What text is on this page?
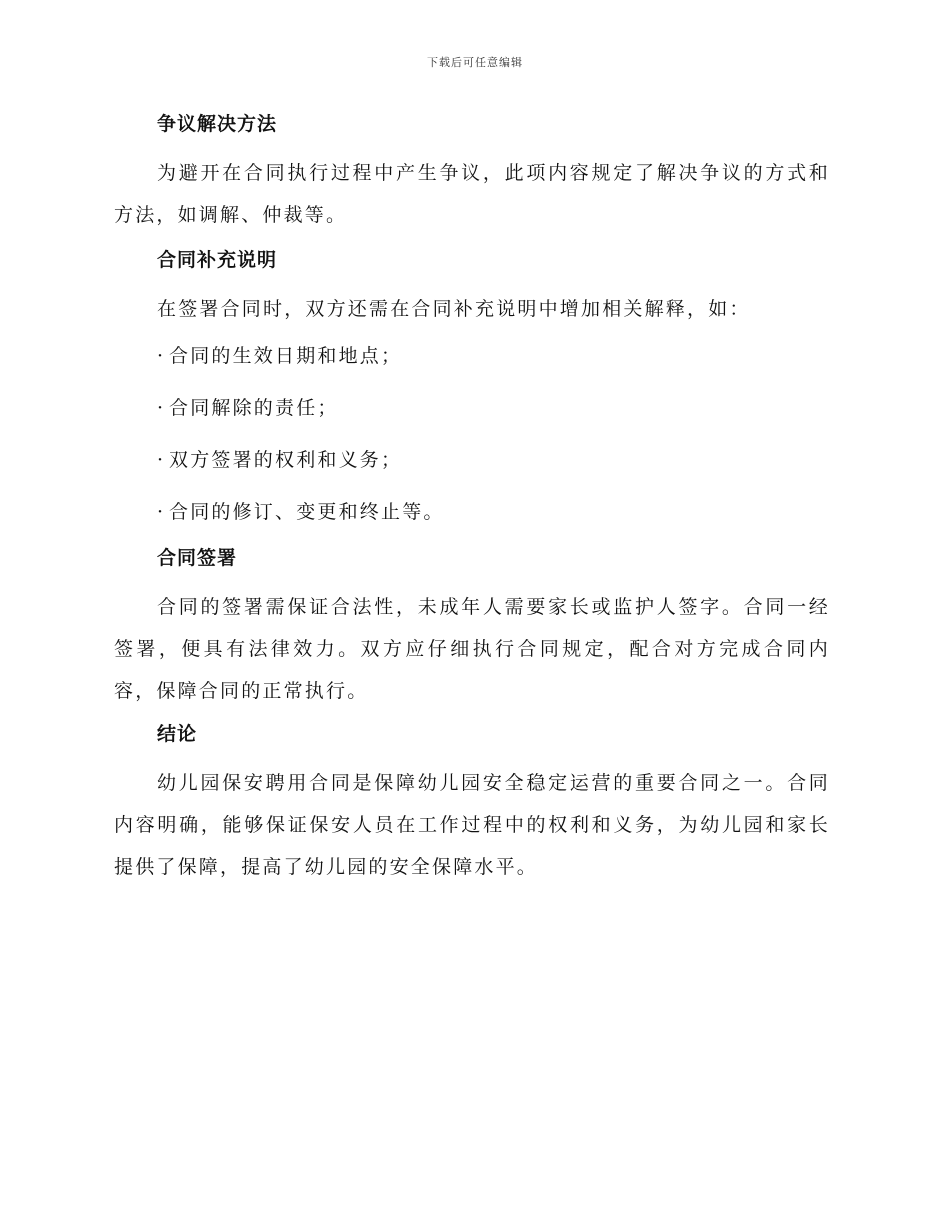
下载后可任意编辑
争议解决方法

为避开在合同执行过程中产生争议，此项内容规定了解决争议的方式和方法，如调解、仲裁等。

合同补充说明

在签署合同时，双方还需在合同补充说明中增加相关解释，如：

· 合同的生效日期和地点；
· 合同解除的责任；
· 双方签署的权利和义务；
· 合同的修订、变更和终止等。
合同签署

合同的签署需保证合法性，未成年人需要家长或监护人签字。合同一经签署，便具有法律效力。双方应仔细执行合同规定，配合对方完成合同内容，保障合同的正常执行。

结论

幼儿园保安聘用合同是保障幼儿园安全稳定运营的重要合同之一。合同内容明确，能够保证保安人员在工作过程中的权利和义务，为幼儿园和家长提供了保障，提高了幼儿园的安全保障水平。
